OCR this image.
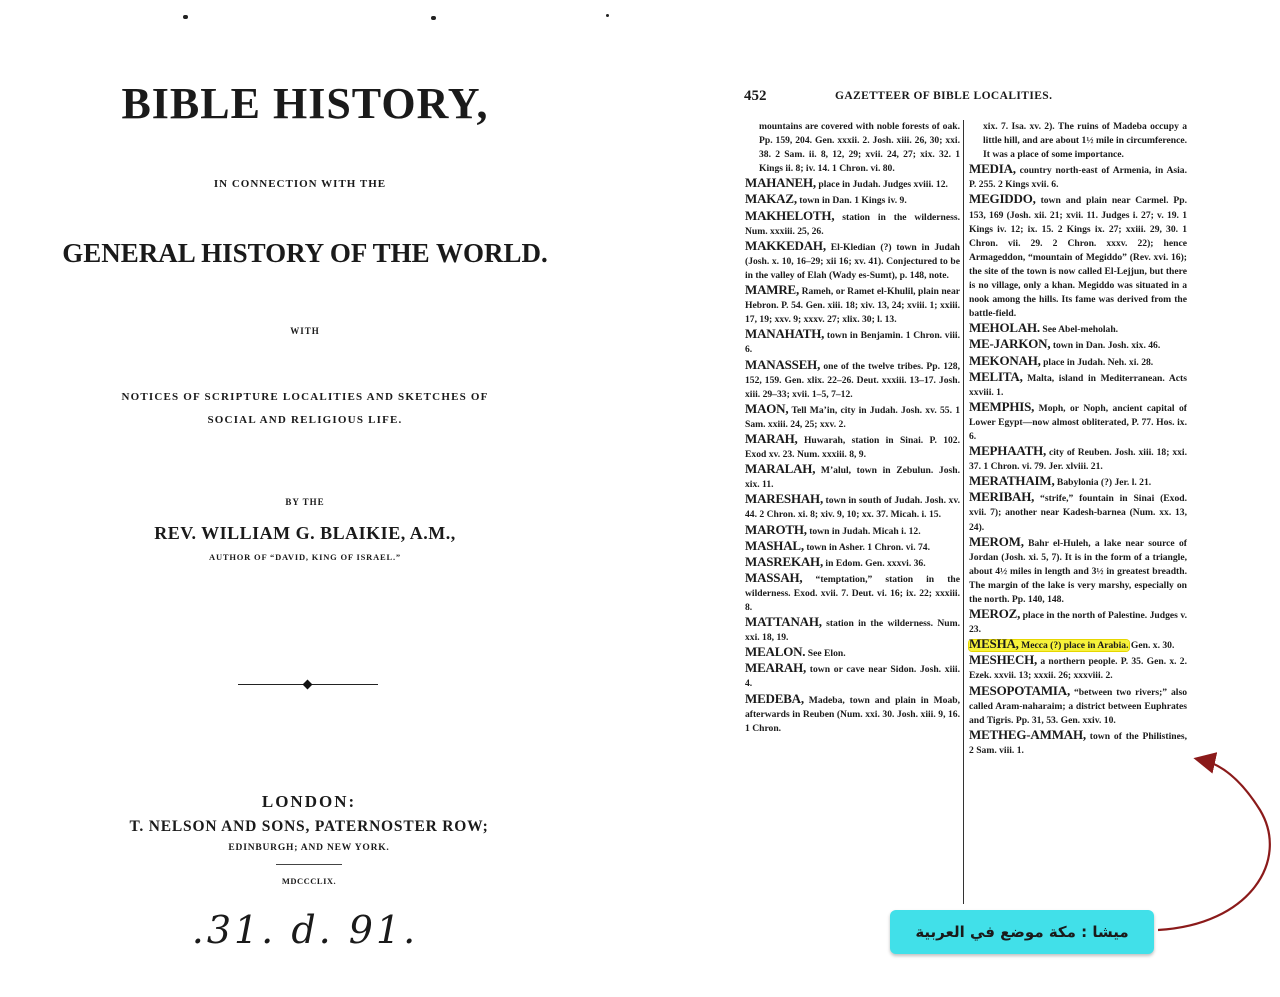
BIBLE HISTORY,
IN CONNECTION WITH THE
GENERAL HISTORY OF THE WORLD.
WITH
NOTICES OF SCRIPTURE LOCALITIES AND SKETCHES OF
SOCIAL AND RELIGIOUS LIFE.
BY THE
REV. WILLIAM G. BLAIKIE, A.M.,
AUTHOR OF “DAVID, KING OF ISRAEL.”
LONDON:
T. NELSON AND SONS, PATERNOSTER ROW;
EDINBURGH; AND NEW YORK.
MDCCCLIX.
.31. d. 91.
452	GAZETTEER OF BIBLE LOCALITIES.

mountains are covered with noble forests of oak. Pp. 159, 204. Gen. xxxii. 2. Josh. xiii. 26, 30; xxi. 38. 2 Sam. ii. 8, 12, 29; xvii. 24, 27; xix. 32. 1 Kings ii. 8; iv. 14. 1 Chron. vi. 80.

MAHANEH, place in Judah. Judges xviii. 12.

MAKAZ, town in Dan. 1 Kings iv. 9.

MAKHELOTH, station in the wilderness. Num. xxxiii. 25, 26.

MAKKEDAH, El-Kledian (?) town in Judah (Josh. x. 10, 16–29; xii 16; xv. 41). Conjectured to be in the valley of Elah (Wady es-Sumt), p. 148, note.

MAMRE, Rameh, or Ramet el-Khulil, plain near Hebron. P. 54. Gen. xiii. 18; xiv. 13, 24; xviii. 1; xxiii. 17, 19; xxv. 9; xxxv. 27; xlix. 30; l. 13.

MANAHATH, town in Benjamin. 1 Chron. viii. 6.

MANASSEH, one of the twelve tribes. Pp. 128, 152, 159. Gen. xlix. 22–26. Deut. xxxiii. 13–17. Josh. xiii. 29–33; xvii. 1–5, 7–12.

MAON, Tell Ma’in, city in Judah. Josh. xv. 55. 1 Sam. xxiii. 24, 25; xxv. 2.

MARAH, Huwarah, station in Sinai. P. 102. Exod xv. 23. Num. xxxiii. 8, 9.

MARALAH, M’alul, town in Zebulun. Josh. xix. 11.

MARESHAH, town in south of Judah. Josh. xv. 44. 2 Chron. xi. 8; xiv. 9, 10; xx. 37. Micah. i. 15.

MAROTH, town in Judah. Micah i. 12.

MASHAL, town in Asher. 1 Chron. vi. 74.

MASREKAH, in Edom. Gen. xxxvi. 36.

MASSAH, “temptation,” station in the wilderness. Exod. xvii. 7. Deut. vi. 16; ix. 22; xxxiii. 8.

MATTANAH, station in the wilderness. Num. xxi. 18, 19.

MEALON. See Elon.

MEARAH, town or cave near Sidon. Josh. xiii. 4.

MEDEBA, Madeba, town and plain in Moab, afterwards in Reuben (Num. xxi. 30. Josh. xiii. 9, 16. 1 Chron.

xix. 7. Isa. xv. 2). The ruins of Madeba occupy a little hill, and are about 1½ mile in circumference. It was a place of some importance.

MEDIA, country north-east of Armenia, in Asia. P. 255. 2 Kings xvii. 6.

MEGIDDO, town and plain near Carmel. Pp. 153, 169 (Josh. xii. 21; xvii. 11. Judges i. 27; v. 19. 1 Kings iv. 12; ix. 15. 2 Kings ix. 27; xxiii. 29, 30. 1 Chron. vii. 29. 2 Chron. xxxv. 22); hence Armageddon, “mountain of Megiddo” (Rev. xvi. 16); the site of the town is now called El-Lejjun, but there is no village, only a khan. Megiddo was situated in a nook among the hills. Its fame was derived from the battle-field.

MEHOLAH. See Abel-meholah.

ME-JARKON, town in Dan. Josh. xix. 46.

MEKONAH, place in Judah. Neh. xi. 28.

MELITA, Malta, island in Mediterranean. Acts xxviii. 1.

MEMPHIS, Moph, or Noph, ancient capital of Lower Egypt—now almost obliterated, P. 77. Hos. ix. 6.

MEPHAATH, city of Reuben. Josh. xiii. 18; xxi. 37. 1 Chron. vi. 79. Jer. xlviii. 21.

MERATHAIM, Babylonia (?) Jer. l. 21.

MERIBAH, “strife,” fountain in Sinai (Exod. xvii. 7); another near Kadesh-barnea (Num. xx. 13, 24).

MEROM, Bahr el-Huleh, a lake near source of Jordan (Josh. xi. 5, 7). It is in the form of a triangle, about 4½ miles in length and 3½ in greatest breadth. The margin of the lake is very marshy, especially on the north. Pp. 140, 148.

MEROZ, place in the north of Palestine. Judges v. 23.

MESHA, Mecca (?) place in Arabia. Gen. x. 30.

MESHECH, a northern people. P. 35. Gen. x. 2. Ezek. xxvii. 13; xxxii. 26; xxxviii. 2.

MESOPOTAMIA, “between two rivers;” also called Aram-naharaim; a district between Euphrates and Tigris. Pp. 31, 53. Gen. xxiv. 10.

METHEG-AMMAH, town of the Philistines, 2 Sam. viii. 1.

ميشا : مكة موضع في العربية
